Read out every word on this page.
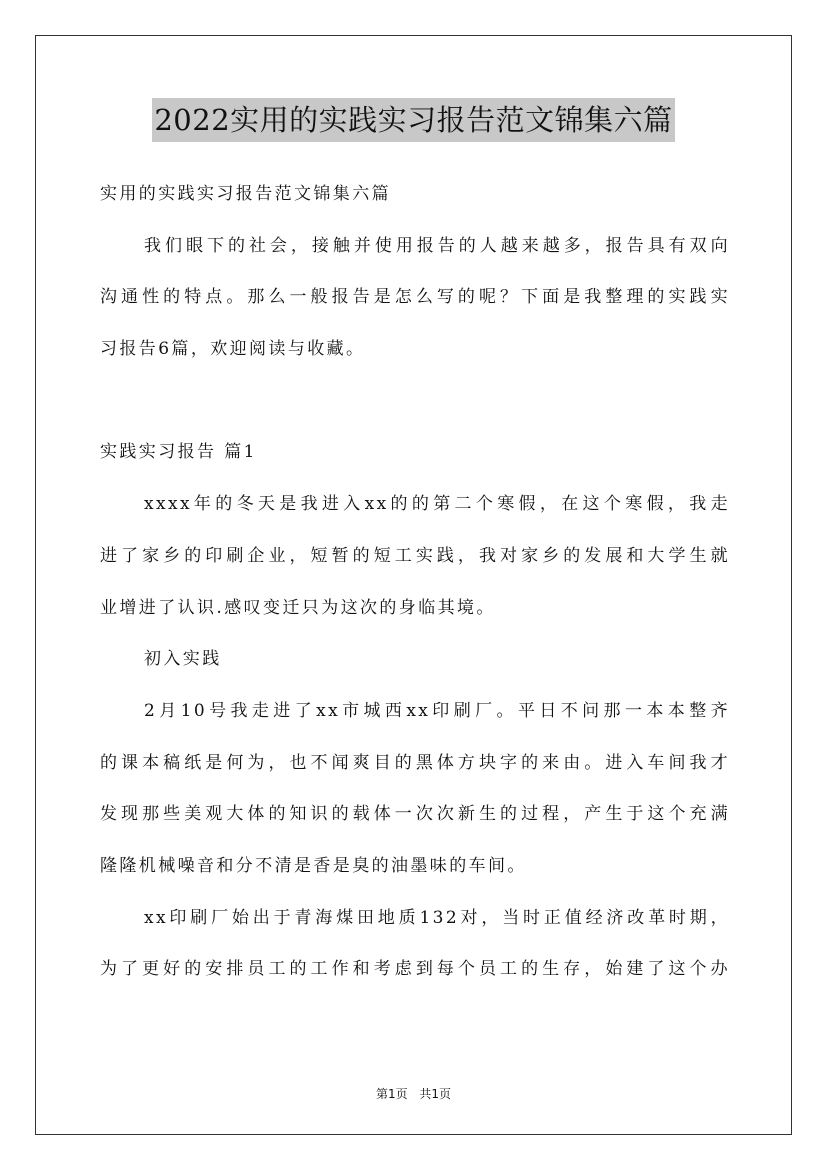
2022实用的实践实习报告范文锦集六篇
实用的实践实习报告范文锦集六篇
我们眼下的社会，接触并使用报告的人越来越多，报告具有双向
沟通性的特点。那么一般报告是怎么写的呢？下面是我整理的实践实
习报告6篇，欢迎阅读与收藏。
实践实习报告 篇1
xxxx年的冬天是我进入xx的的第二个寒假，在这个寒假，我走
进了家乡的印刷企业，短暂的短工实践，我对家乡的发展和大学生就
业增进了认识.感叹变迁只为这次的身临其境。
初入实践
2月10号我走进了xx市城西xx印刷厂。平日不问那一本本整齐
的课本稿纸是何为，也不闻爽目的黑体方块字的来由。进入车间我才
发现那些美观大体的知识的载体一次次新生的过程，产生于这个充满
隆隆机械噪音和分不清是香是臭的油墨味的车间。
xx印刷厂始出于青海煤田地质132对，当时正值经济改革时期，
为了更好的安排员工的工作和考虑到每个员工的生存，始建了这个办
第1页 共1页
